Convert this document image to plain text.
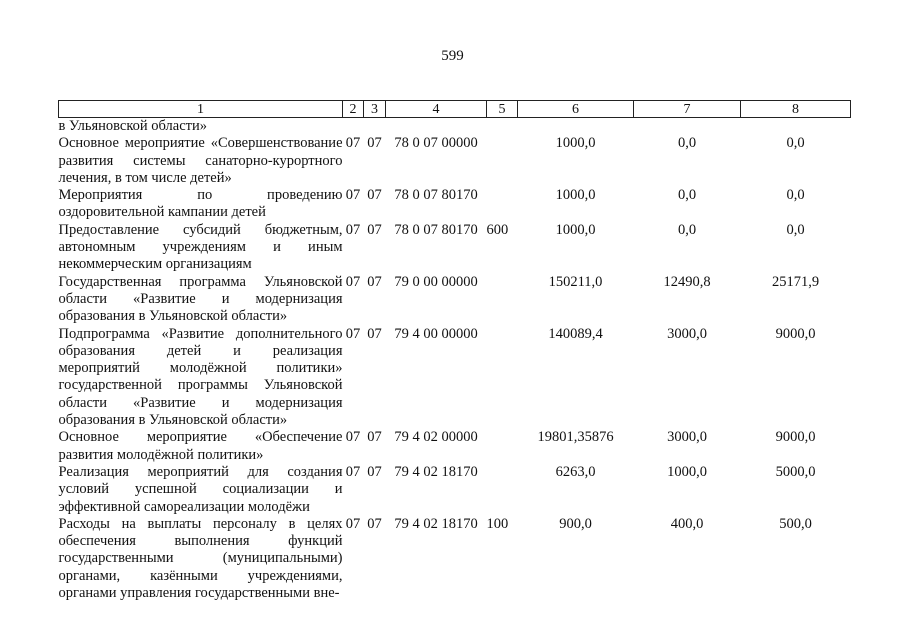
599
1	2	3	4	5	6	7	8
в Ульяновской области»							
Основное мероприятие «Совершенствование развития системы санаторно-курортного лечения, в том числе детей»	07	07	78 0 07 00000		1000,0	0,0	0,0
Мероприятия по проведению оздоровительной кампании детей	07	07	78 0 07 80170		1000,0	0,0	0,0
Предоставление субсидий бюджетным, автономным учреждениям и иным некоммерческим организациям	07	07	78 0 07 80170	600	1000,0	0,0	0,0
Государственная программа Ульяновской области «Развитие и модернизация образования в Ульяновской области»	07	07	79 0 00 00000		150211,0	12490,8	25171,9
Подпрограмма «Развитие дополнительного образования детей и реализация мероприятий молодёжной политики» государственной программы Ульяновской области «Развитие и модернизация образования в Ульяновской области»	07	07	79 4 00 00000		140089,4	3000,0	9000,0
Основное мероприятие «Обеспечение развития молодёжной политики»	07	07	79 4 02 00000		19801,35876	3000,0	9000,0
Реализация мероприятий для создания условий успешной социализации и эффективной самореализации молодёжи	07	07	79 4 02 18170		6263,0	1000,0	5000,0
Расходы на выплаты персоналу в целях обеспечения выполнения функций государственными (муниципальными) органами, казёнными учреждениями, органами управления государственными вне-	07	07	79 4 02 18170	100	900,0	400,0	500,0
